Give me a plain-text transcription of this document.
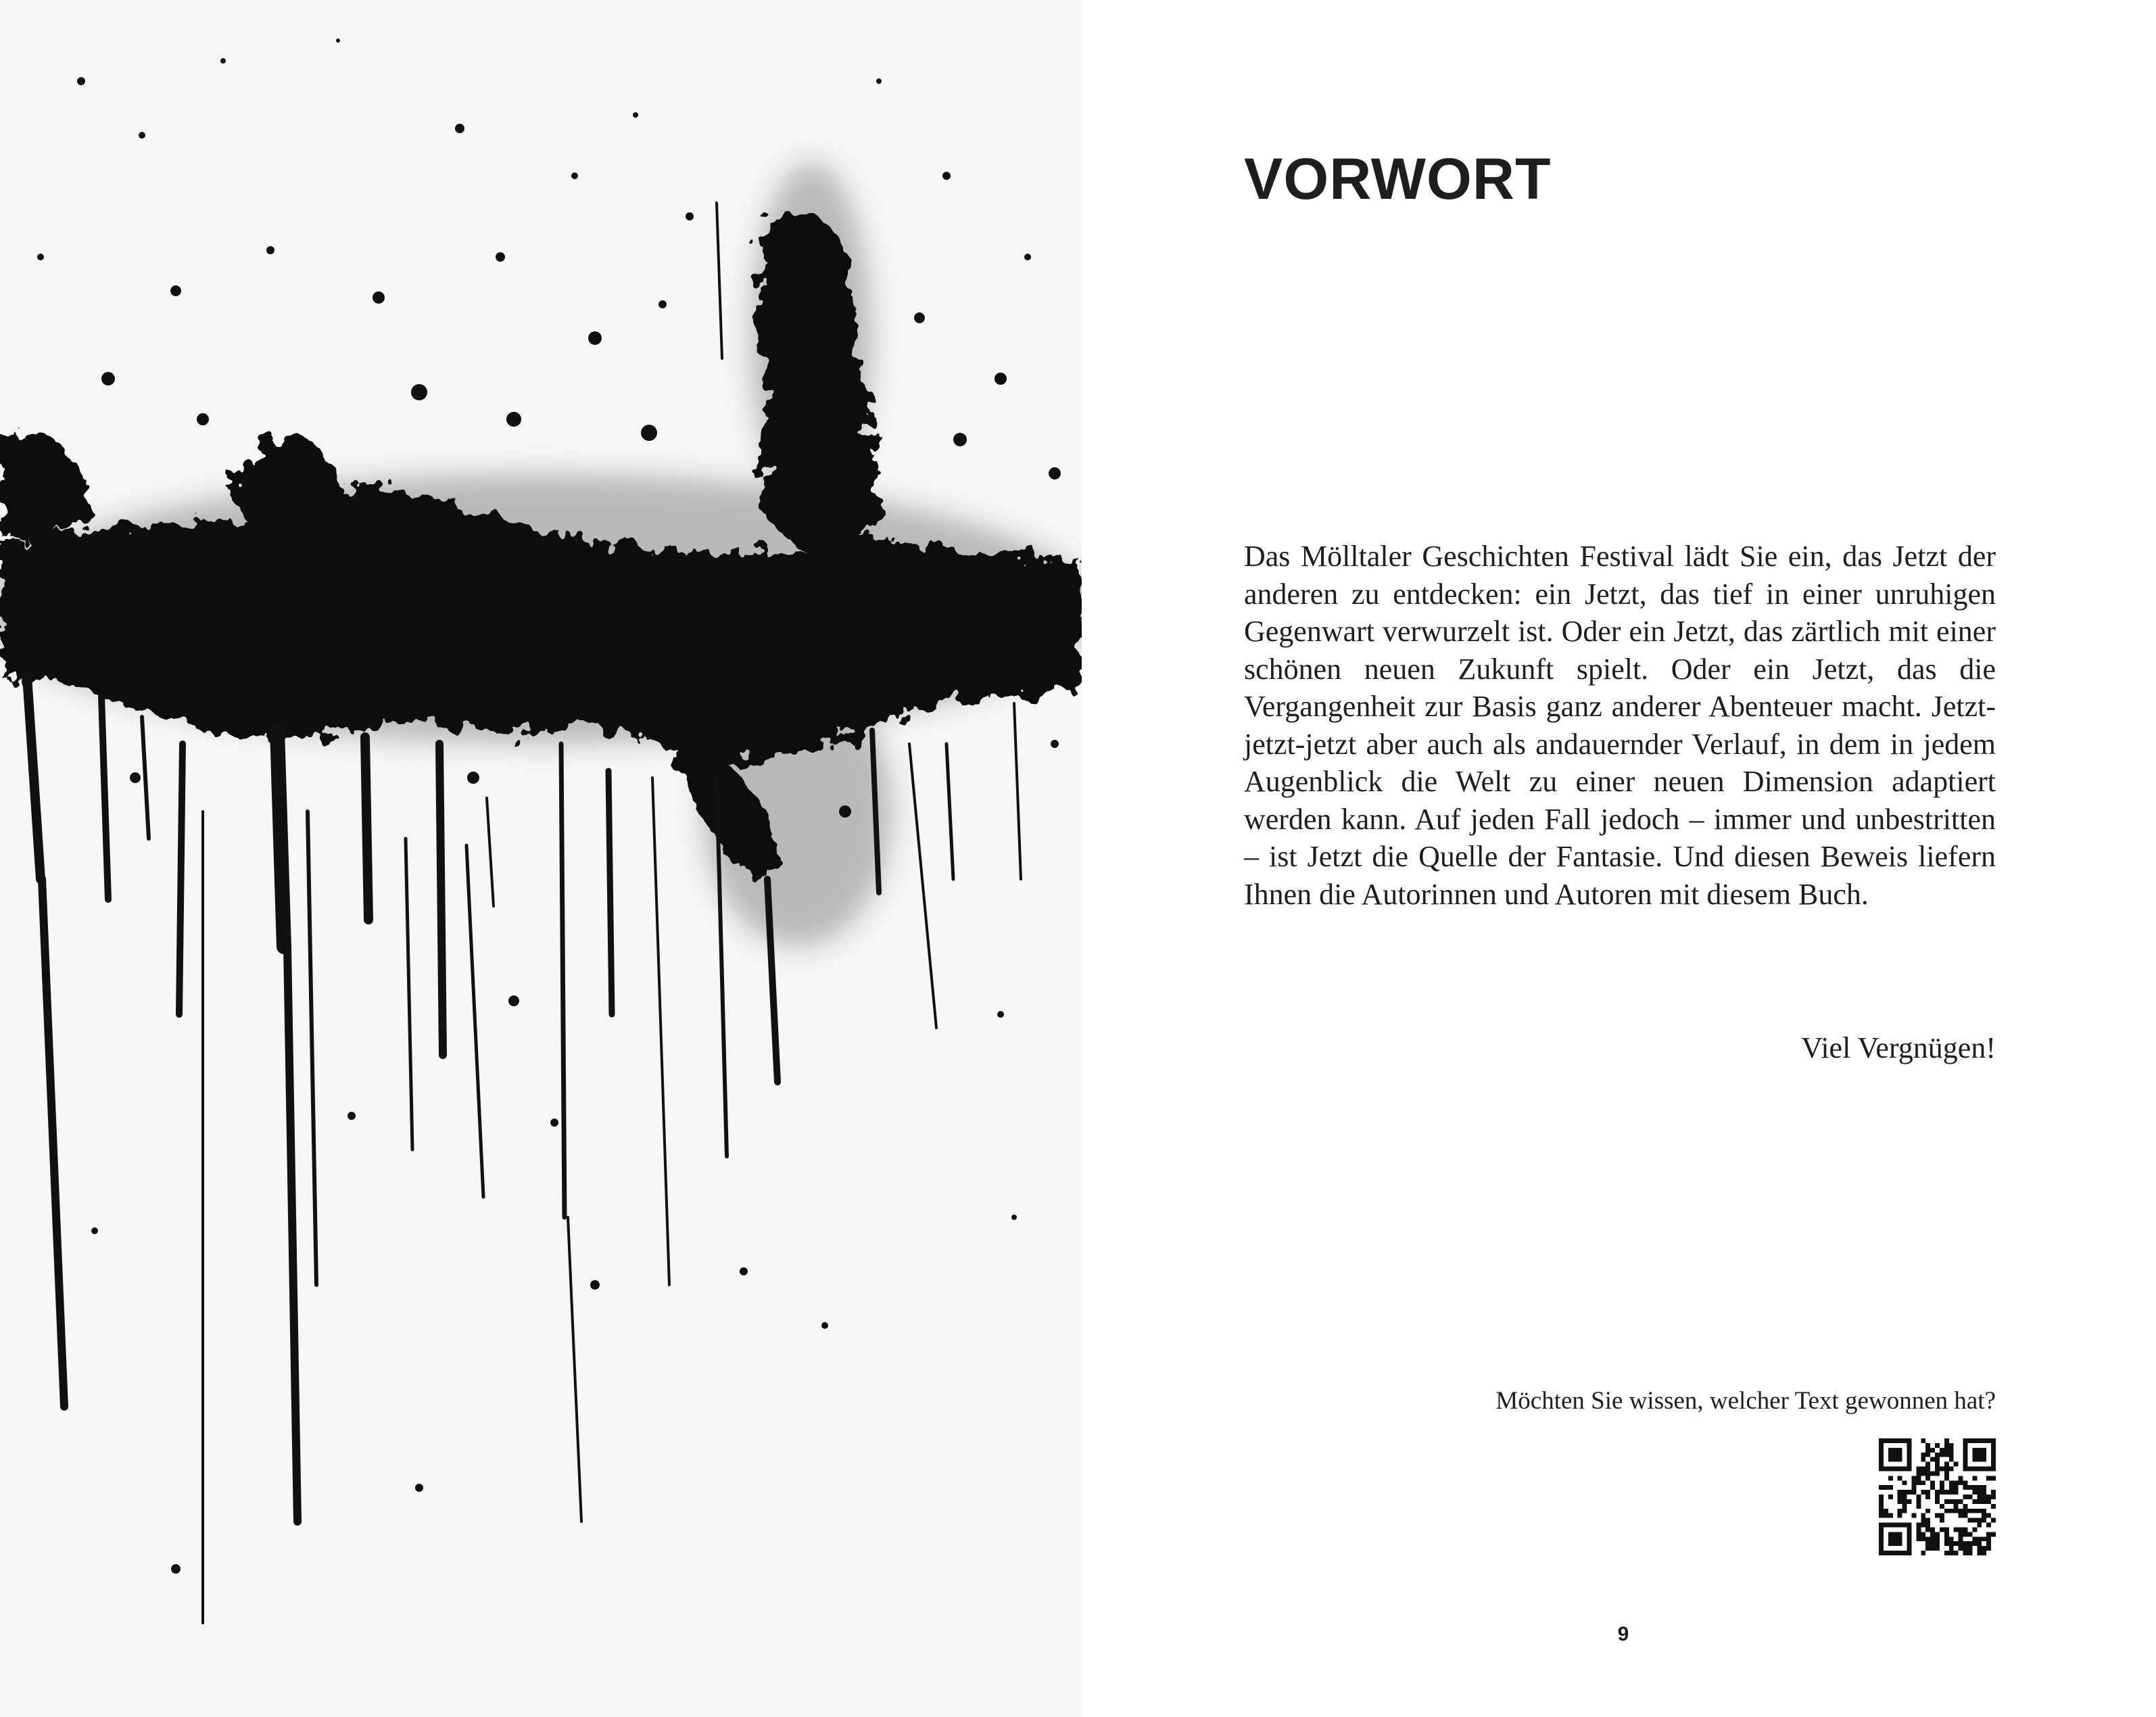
VORWORT

Das Mölltaler Geschichten Festival lädt Sie ein, das Jetzt der anderen zu entdecken: ein Jetzt, das tief in einer unruhigen Gegenwart verwurzelt ist. Oder ein Jetzt, das zärtlich mit einer schönen neuen Zukunft spielt. Oder ein Jetzt, das die Vergangenheit zur Basis ganz anderer Abenteuer macht. Jetzt-jetzt-jetzt aber auch als andauernder Verlauf, in dem in jedem Augenblick die Welt zu einer neuen Dimension adaptiert werden kann. Auf jeden Fall jedoch – immer und unbestritten – ist Jetzt die Quelle der Fantasie. Und diesen Beweis liefern Ihnen die Autorinnen und Autoren mit diesem Buch.

Viel Vergnügen!

Möchten Sie wissen, welcher Text gewonnen hat?

9
